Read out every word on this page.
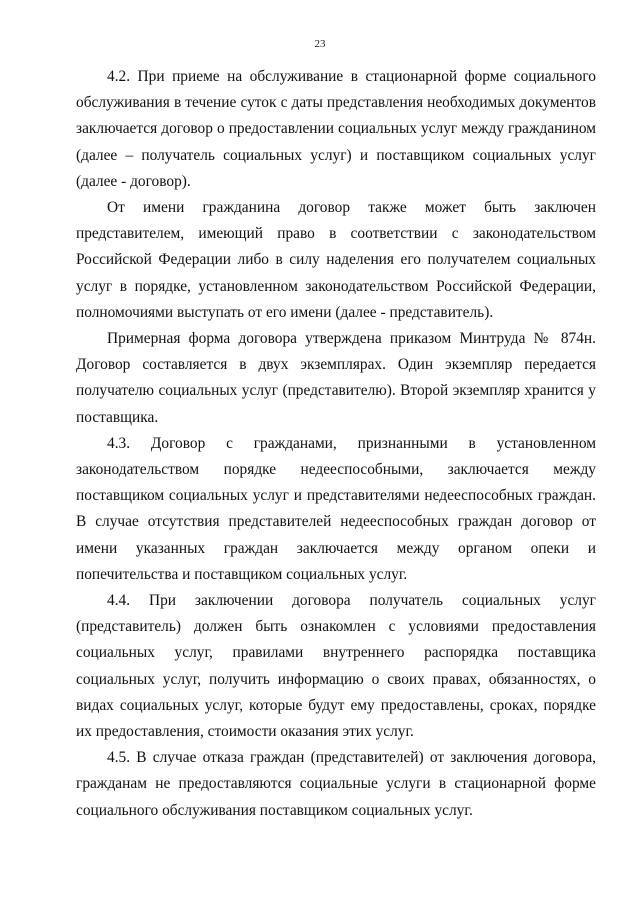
23

4.2. При приеме на обслуживание в стационарной форме социального обслуживания в течение суток с даты представления необходимых документов заключается договор о предоставлении социальных услуг между гражданином (далее – получатель социальных услуг) и поставщиком социальных услуг (далее - договор).

От имени гражданина договор также может быть заключен представителем, имеющий право в соответствии с законодательством Российской Федерации либо в силу наделения его получателем социальных услуг в порядке, установленном законодательством Российской Федерации, полномочиями выступать от его имени (далее - представитель).

Примерная форма договора утверждена приказом Минтруда № 874н. Договор составляется в двух экземплярах. Один экземпляр передается получателю социальных услуг (представителю). Второй экземпляр хранится у поставщика.

4.3. Договор с гражданами, признанными в установленном законодательством порядке недееспособными, заключается между поставщиком социальных услуг и представителями недееспособных граждан. В случае отсутствия представителей недееспособных граждан договор от имени указанных граждан заключается между органом опеки и попечительства и поставщиком социальных услуг.

4.4. При заключении договора получатель социальных услуг (представитель) должен быть ознакомлен с условиями предоставления социальных услуг, правилами внутреннего распорядка поставщика социальных услуг, получить информацию о своих правах, обязанностях, о видах социальных услуг, которые будут ему предоставлены, сроках, порядке их предоставления, стоимости оказания этих услуг.

4.5. В случае отказа граждан (представителей) от заключения договора, гражданам не предоставляются социальные услуги в стационарной форме социального обслуживания поставщиком социальных услуг.
